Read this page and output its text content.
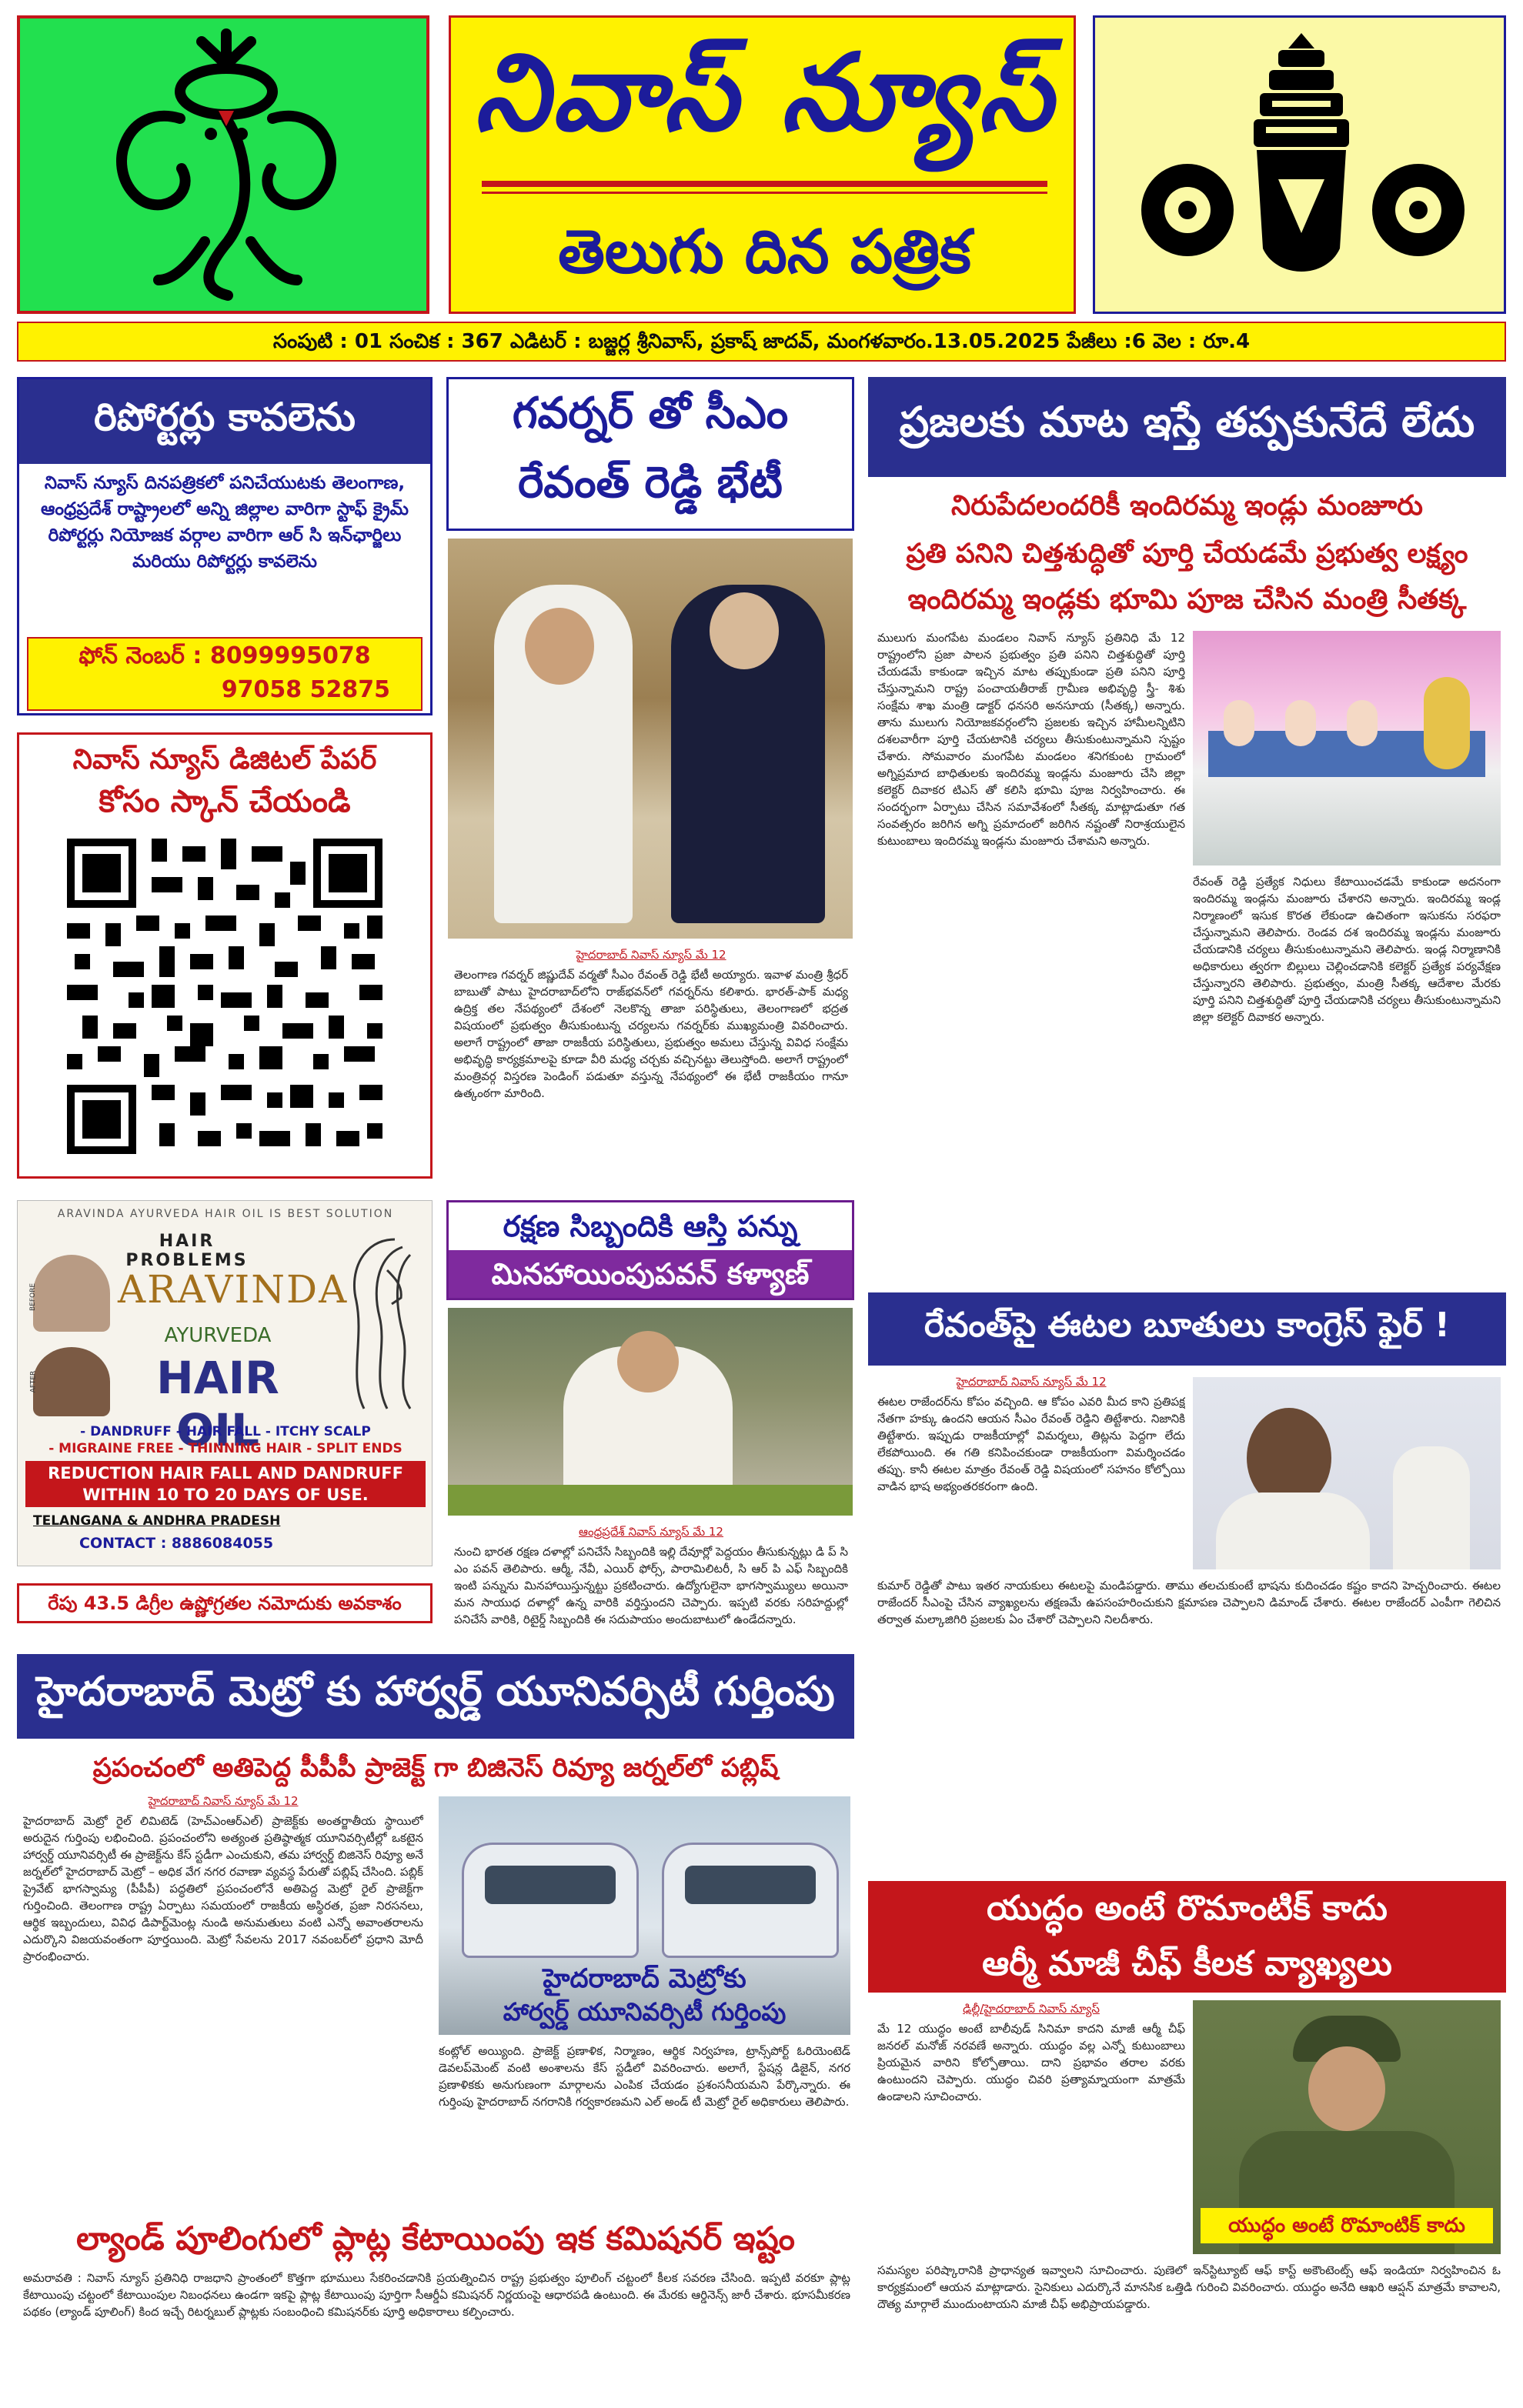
నివాస్ న్యూస్
తెలుగు దిన పత్రిక
సంపుటి : 01 సంచిక : 367 ఎడిటర్ : బజ్జర్ల శ్రీనివాస్, ప్రకాష్ జాదవ్, మంగళవారం.13.05.2025 పేజీలు :6 వెల : రూ.4
రిపోర్టర్లు కావలెను
నివాస్ న్యూస్ దినపత్రికలో పనిచేయుటకు తెలంగాణ, ఆంధ్రప్రదేశ్ రాష్ట్రాలలో అన్ని జిల్లాల వారిగా స్టాఫ్ క్రైమ్ రిపోర్టర్లు నియోజక వర్గాల వారిగా ఆర్ సి ఇన్‌ఛార్జిలు మరియు రిపోర్టర్లు కావలెను
ఫోన్ నెంబర్ : 8099995078
97058 52875
నివాస్ న్యూస్ డిజిటల్ పేపర్
కోసం స్కాన్ చేయండి
ARAVINDA AYURVEDA HAIR OIL IS BEST SOLUTION
HAIR PROBLEMS
BEFORE
AFTER
ARAVINDA
AYURVEDA
HAIR OIL
- DANDRUFF - HAIR FALL - ITCHY SCALP
- MIGRAINE FREE - THINNING HAIR - SPLIT ENDS
REDUCTION HAIR FALL AND DANDRUFF WITHIN 10 TO 20 DAYS OF USE.
TELANGANA & ANDHRA PRADESH
CONTACT : 8886084055
రేపు 43.5 డిగ్రీల ఉష్ణోగ్రతల నమోదుకు అవకాశం
గవర్నర్ తో సీఎం
రేవంత్ రెడ్డి భేటీ

హైదరాబాద్ నివాస్ న్యూస్ మే 12

తెలంగాణ గవర్నర్ జిష్ణుదేవ్ వర్మతో సీఎం రేవంత్ రెడ్డి భేటీ అయ్యారు. ఇవాళ మంత్రి శ్రీధర్ బాబుతో పాటు హైదరాబాద్‌లోని రాజ్‌భవన్‌లో గవర్నర్‌ను కలిశారు. భారత్-పాక్ మధ్య ఉద్రిక్త తల నేపథ్యంలో దేశంలో నెలకొన్న తాజా పరిస్థితులు, తెలంగాణలో భద్రత విషయంలో ప్రభుత్వం తీసుకుంటున్న చర్యలను గవర్నర్‌కు ముఖ్యమంత్రి వివరించారు. అలాగే రాష్ట్రంలో తాజా రాజకీయ పరిస్థితులు, ప్రభుత్వం అమలు చేస్తున్న వివిధ సంక్షేమ అభివృద్ధి కార్యక్రమాలపై కూడా వీరి మధ్య చర్చకు వచ్చినట్టు తెలుస్తోంది. అలాగే రాష్ట్రంలో మంత్రివర్గ విస్తరణ పెండింగ్ పడుతూ వస్తున్న నేపథ్యంలో ఈ భేటీ రాజకీయం గానూ ఉత్కంఠగా మారింది.

రక్షణ సిబ్బందికి ఆస్తి పన్ను
మినహాయింపుపవన్ కళ్యాణ్

ఆంధ్రప్రదేశ్ నివాస్ న్యూస్ మే 12

నుంచి భారత రక్షణ దళాల్లో పనిచేసే సిబ్బందికి ఇల్లి దేవూర్లో పెద్దయం తీసుకున్నట్లు డి ప్ సి ఎం పవన్ తెలిపారు. ఆర్మీ, నేవీ, ఎయిర్ ఫోర్స్, పారామిలిటరీ, సి ఆర్ పి ఎఫ్ సిబ్బందికి ఇంటి పన్నును మినహాయిస్తున్నట్టు ప్రకటించారు. ఉద్యోగులైనా భాగస్వామ్యులు అయినా మన సాయుధ దళాల్లో ఉన్న వారికి వర్తిస్తుందని చెప్పారు. ఇప్పటి వరకు సరిహద్దుల్లో పనిచేసే వారికి, రిటైర్డ్ సిబ్బందికి ఈ సదుపాయం అందుబాటులో ఉండేదన్నారు.

ప్రజలకు మాట ఇస్తే తప్పకునేదే లేదు
నిరుపేదలందరికీ ఇందిరమ్మ ఇండ్లు మంజూరు
ప్రతి పనిని చిత్తశుద్ధితో పూర్తి చేయడమే ప్రభుత్వ లక్ష్యం
ఇందిరమ్మ ఇండ్లకు భూమి పూజ చేసిన మంత్రి సీతక్క

ములుగు మంగపేట మండలం నివాస్ న్యూస్ ప్రతినిధి మే 12 రాష్ట్రంలోని ప్రజా పాలన ప్రభుత్వం ప్రతి పనిని చిత్తశుద్ధితో పూర్తి చేయడమే కాకుండా ఇచ్చిన మాట తప్పుకుండా ప్రతి పనిని పూర్తి చేస్తున్నామని రాష్ట్ర పంచాయతీరాజ్ గ్రామీణ అభివృద్ధి స్త్రీ- శిశు సంక్షేమ శాఖ మంత్రి డాక్టర్ ధనసరి అనసూయ (సీతక్క) అన్నారు. తాను ములుగు నియోజకవర్గంలోని ప్రజలకు ఇచ్చిన హామీలన్నిటిని దశలవారీగా పూర్తి చేయటానికి చర్యలు తీసుకుంటున్నామని స్పష్టం చేశారు. సోమవారం మంగపేట మండలం శనిగకుంట గ్రామంలో అగ్నిప్రమాద బాధితులకు ఇందిరమ్మ ఇండ్లను మంజూరు చేసి జిల్లా కలెక్టర్ దివాకర టిఎస్ తో కలిసి భూమి పూజ నిర్వహించారు. ఈ సందర్భంగా ఏర్పాటు చేసిన సమావేశంలో సీతక్క మాట్లాడుతూ గత సంవత్సరం జరిగిన అగ్ని ప్రమాదంలో జరిగిన నష్టంతో నిరాశ్రయులైన కుటుంబాలు ఇందిరమ్మ ఇండ్లను మంజూరు చేశామని అన్నారు.

రేవంత్ రెడ్డి ప్రత్యేక నిధులు కేటాయించడమే కాకుండా అదనంగా ఇందిరమ్మ ఇండ్లను మంజూరు చేశారని అన్నారు. ఇందిరమ్మ ఇండ్ల నిర్మాణంలో ఇసుక కొరత లేకుండా ఉచితంగా ఇసుకను సరఫరా చేస్తున్నామని తెలిపారు. రెండవ దశ ఇందిరమ్మ ఇండ్లను మంజూరు చేయడానికి చర్యలు తీసుకుంటున్నామని తెలిపారు. ఇండ్ల నిర్మాణానికి అధికారులు త్వరగా బిల్లులు చెల్లించడానికి కలెక్టర్ ప్రత్యేక పర్యవేక్షణ చేస్తున్నారని తెలిపారు. ప్రభుత్వం, మంత్రి సీతక్క ఆదేశాల మేరకు పూర్తి పనిని చిత్తశుద్ధితో పూర్తి చేయడానికి చర్యలు తీసుకుంటున్నామని జిల్లా కలెక్టర్ దివాకర అన్నారు.

రేవంత్‌పై ఈటల బూతులు కాంగ్రెస్ ఫైర్ !

హైదరాబాద్ నివాస్ న్యూస్ మే 12

ఈటల రాజేందర్‌ను కోపం వచ్చింది. ఆ కోపం ఎవరి మీద కాని ప్రతిపక్ష నేతగా హక్కు ఉందని ఆయన సీఎం రేవంత్ రెడ్డిని తిట్టేశారు. నిజానికి తిట్టేశారు. ఇప్పుడు రాజకీయాల్లో విమర్శలు, తిట్లను పెద్దగా లేదు లేకపోయింది. ఈ గతి కనిపించకుండా రాజకీయంగా విమర్శించడం తప్పు. కానీ ఈటల మాత్రం రేవంత్ రెడ్డి విషయంలో సహనం కోల్పోయి వాడిన భాష అభ్యంతరకరంగా ఉంది.

కుమార్ రెడ్డితో పాటు ఇతర నాయకులు ఈటలపై మండిపడ్డారు. తాము తలచుకుంటే భాషను కుదించడం కష్టం కాదని హెచ్చరించారు. ఈటల రాజేందర్ సీఎంపై చేసిన వ్యాఖ్యలను తక్షణమే ఉపసంహరించుకుని క్షమాపణ చెప్పాలని డిమాండ్ చేశారు. ఈటల రాజేందర్ ఎంపీగా గెలిచిన తర్వాత మల్కాజిగిరి ప్రజలకు ఏం చేశారో చెప్పాలని నిలదీశారు.

యుద్ధం అంటే రొమాంటిక్ కాదు
ఆర్మీ మాజీ చీఫ్ కీలక వ్యాఖ్యలు

ఢిల్లీ/హైదరాబాద్ నివాస్ న్యూస్

మే 12 యుద్ధం అంటే బాలీవుడ్ సినిమా కాదని మాజీ ఆర్మీ చీఫ్ జనరల్ మనోజ్ నరవణే అన్నారు. యుద్ధం వల్ల ఎన్నో కుటుంబాలు ప్రియమైన వారిని కోల్పోతాయి. దాని ప్రభావం తరాల వరకు ఉంటుందని చెప్పారు. యుద్ధం చివరి ప్రత్యామ్నాయంగా మాత్రమే ఉండాలని సూచించారు.

యుద్ధం అంటే రొమాంటిక్ కాదు

సమస్యల పరిష్కారానికి ప్రాధాన్యత ఇవ్వాలని సూచించారు. పుణెలో ఇన్‌స్టిట్యూట్ ఆఫ్ కాస్ట్ అకౌంటెంట్స్ ఆఫ్ ఇండియా నిర్వహించిన ఓ కార్యక్రమంలో ఆయన మాట్లాడారు. సైనికులు ఎదుర్కొనే మానసిక ఒత్తిడి గురించి వివరించారు. యుద్ధం అనేది ఆఖరి ఆప్షన్ మాత్రమే కావాలని, దౌత్య మార్గాలే ముందుంటాయని మాజీ చీఫ్ అభిప్రాయపడ్డారు.

హైదరాబాద్ మెట్రో కు హార్వర్డ్ యూనివర్సిటీ గుర్తింపు
ప్రపంచంలో అతిపెద్ద పీపీపీ ప్రాజెక్ట్ గా బిజినెస్ రివ్యూ జర్నల్‌లో పబ్లిష్

హైదరాబాద్ నివాస్ న్యూస్ మే 12

హైదరాబాద్ మెట్రో రైల్ లిమిటెడ్ (హెచ్‌ఎంఆర్‌ఎల్) ప్రాజెక్ట్‌కు అంతర్జాతీయ స్థాయిలో అరుదైన గుర్తింపు లభించింది. ప్రపంచంలోని అత్యంత ప్రతిష్ఠాత్మక యూనివర్సిటీల్లో ఒకటైన హార్వర్డ్ యూనివర్సిటీ ఈ ప్రాజెక్ట్‌ను కేస్ స్టడీగా ఎంచుకుని, తమ హార్వర్డ్ బిజినెస్ రివ్యూ అనే జర్నల్‌లో హైదరాబాద్ మెట్రో – అధిక వేగ నగర రవాణా వ్యవస్థ పేరుతో పబ్లిష్ చేసింది. పబ్లిక్ ప్రైవేట్ భాగస్వామ్య (పీపీపీ) పద్ధతిలో ప్రపంచంలోనే అతిపెద్ద మెట్రో రైల్ ప్రాజెక్ట్‌గా గుర్తించింది. తెలంగాణ రాష్ట్ర ఏర్పాటు సమయంలో రాజకీయ అస్థిరత, ప్రజా నిరసనలు, ఆర్థిక ఇబ్బందులు, వివిధ డిపార్ట్‌మెంట్ల నుండి అనుమతులు వంటి ఎన్నో అవాంతరాలను ఎదుర్కొని విజయవంతంగా పూర్తయింది. మెట్రో సేవలను 2017 నవంబర్‌లో ప్రధాని మోదీ ప్రారంభించారు.

హైదరాబాద్ మెట్రోకు
హార్వర్డ్ యూనివర్సిటీ గుర్తింపు

కంట్లోల్ అయ్యింది. ప్రాజెక్ట్ ప్రణాళిక, నిర్మాణం, ఆర్థిక నిర్వహణ, ట్రాన్స్‌పోర్ట్ ఓరియెంటెడ్ డెవలప్‌మెంట్ వంటి అంశాలను కేస్ స్టడీలో వివరించారు. అలాగే, స్టేషన్ల డిజైన్, నగర ప్రణాళికకు అనుగుణంగా మార్గాలను ఎంపిక చేయడం ప్రశంసనీయమని పేర్కొన్నారు. ఈ గుర్తింపు హైదరాబాద్ నగరానికి గర్వకారణమని ఎల్ అండ్ టీ మెట్రో రైల్ అధికారులు తెలిపారు.

ల్యాండ్ పూలింగులో ప్లాట్ల కేటాయింపు ఇక కమిషనర్ ఇష్టం

అమరావతి : నివాస్ న్యూస్ ప్రతినిధి రాజధాని ప్రాంతంలో కొత్తగా భూములు సేకరించడానికి ప్రయత్నించిన రాష్ట్ర ప్రభుత్వం పూలింగ్ చట్టంలో కీలక సవరణ చేసింది. ఇప్పటి వరకూ ప్లాట్ల కేటాయింపు చట్టంలో కేటాయింపుల నిబంధనలు ఉండగా ఇకపై ప్లాట్ల కేటాయింపు పూర్తిగా సీఆర్డీఏ కమిషనర్ నిర్ణయంపై ఆధారపడి ఉంటుంది. ఈ మేరకు ఆర్డినెన్స్ జారీ చేశారు. భూసమీకరణ పథకం (ల్యాండ్ పూలింగ్) కింద ఇచ్చే రిటర్నబుల్ ప్లాట్లకు సంబంధించి కమిషనర్‌కు పూర్తి అధికారాలు కల్పించారు.
